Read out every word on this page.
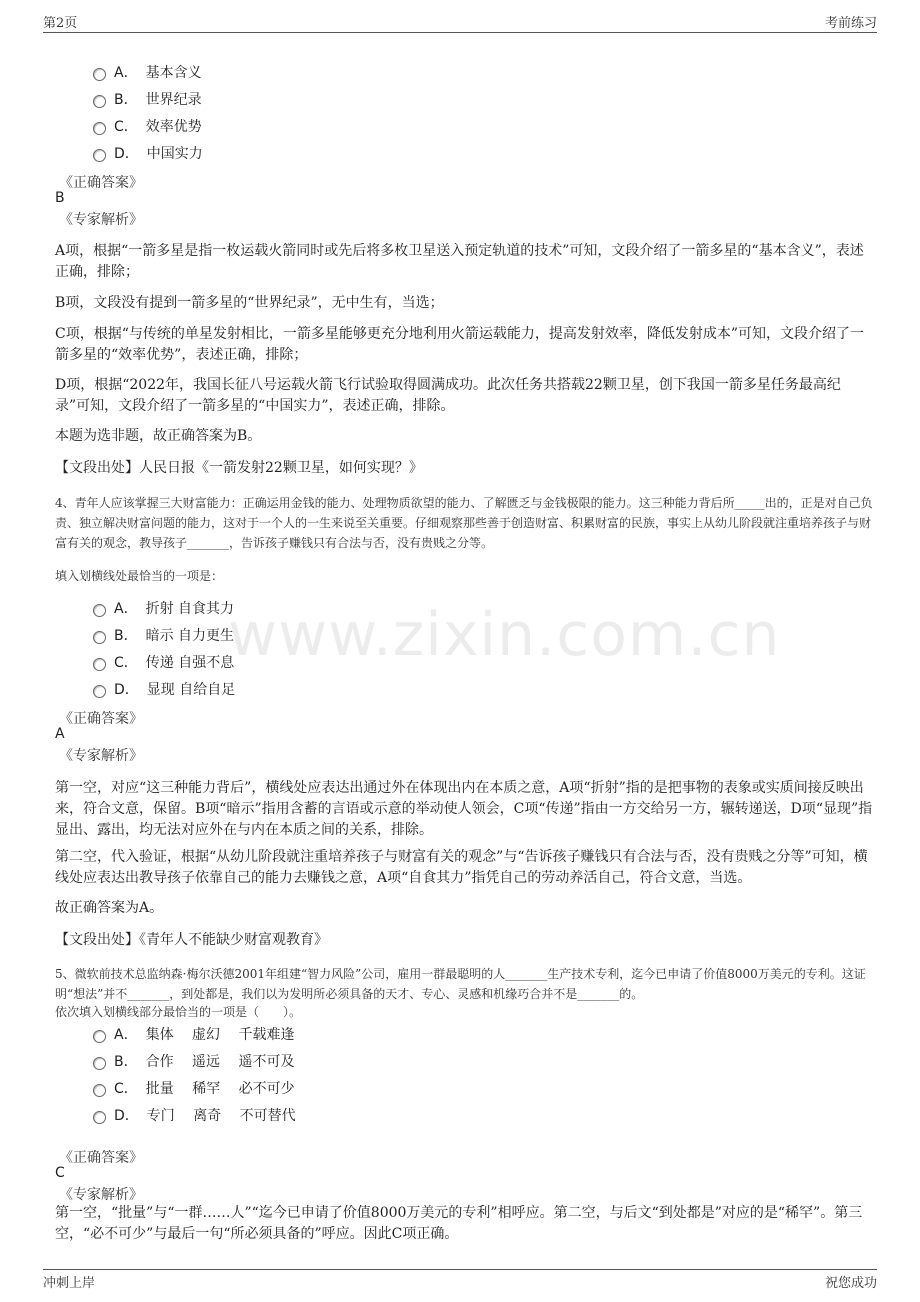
第2页	考前练习
www.zixin.com.cn
A． 基本含义
B． 世界纪录
C． 效率优势
D． 中国实力
《正确答案》
B
《专家解析》
A项，根据“一箭多星是指一枚运载火箭同时或先后将多枚卫星送入预定轨道的技术”可知，文段介绍了一箭多星的“基本含义”，表述正确，排除；
B项，文段没有提到一箭多星的“世界纪录”，无中生有，当选；
C项，根据“与传统的单星发射相比，一箭多星能够更充分地利用火箭运载能力，提高发射效率，降低发射成本”可知，文段介绍了一箭多星的“效率优势”，表述正确，排除；
D项，根据“2022年，我国长征八号运载火箭飞行试验取得圆满成功。此次任务共搭载22颗卫星，创下我国一箭多星任务最高纪录”可知，文段介绍了一箭多星的“中国实力”，表述正确，排除。
本题为选非题，故正确答案为B。
【文段出处】人民日报《一箭发射22颗卫星，如何实现？》
4、青年人应该掌握三大财富能力：正确运用金钱的能力、处理物质欲望的能力、了解匮乏与金钱极限的能力。这三种能力背后所_____出的，正是对自己负责、独立解决财富问题的能力，这对于一个人的一生来说至关重要。仔细观察那些善于创造财富、积累财富的民族，事实上从幼儿阶段就注重培养孩子与财富有关的观念，教导孩子_______，告诉孩子赚钱只有合法与否，没有贵贱之分等。
填入划横线处最恰当的一项是：
A． 折射 自食其力
B． 暗示 自力更生
C． 传递 自强不息
D． 显现 自给自足
《正确答案》
A
《专家解析》
第一空，对应“这三种能力背后”，横线处应表达出通过外在体现出内在本质之意，A项“折射”指的是把事物的表象或实质间接反映出来，符合文意，保留。B项“暗示”指用含蓄的言语或示意的举动使人领会，C项“传递”指由一方交给另一方，辗转递送，D项“显现”指显出、露出，均无法对应外在与内在本质之间的关系，排除。
第二空，代入验证，根据“从幼儿阶段就注重培养孩子与财富有关的观念”与“告诉孩子赚钱只有合法与否，没有贵贱之分等”可知，横线处应表达出教导孩子依靠自己的能力去赚钱之意，A项“自食其力”指凭自己的劳动养活自己，符合文意，当选。
故正确答案为A。
【文段出处】《青年人不能缺少财富观教育》
5、微软前技术总监纳森·梅尔沃德2001年组建“智力风险”公司，雇用一群最聪明的人_______生产技术专利，迄今已申请了价值8000万美元的专利。这证明“想法”并不_______，到处都是，我们以为发明所必须具备的天才、专心、灵感和机缘巧合并不是_______的。
依次填入划横线部分最恰当的一项是（　　）。
A． 集体　 虚幻　 千载难逢
B． 合作　 遥远　 遥不可及
C． 批量　 稀罕　 必不可少
D． 专门　 离奇　 不可替代
《正确答案》
C
《专家解析》
第一空，“批量”与“一群……人”“迄今已申请了价值8000万美元的专利”相呼应。第二空，与后文“到处都是”对应的是“稀罕”。第三空，“必不可少”与最后一句“所必须具备的”呼应。因此C项正确。
冲刺上岸	祝您成功
